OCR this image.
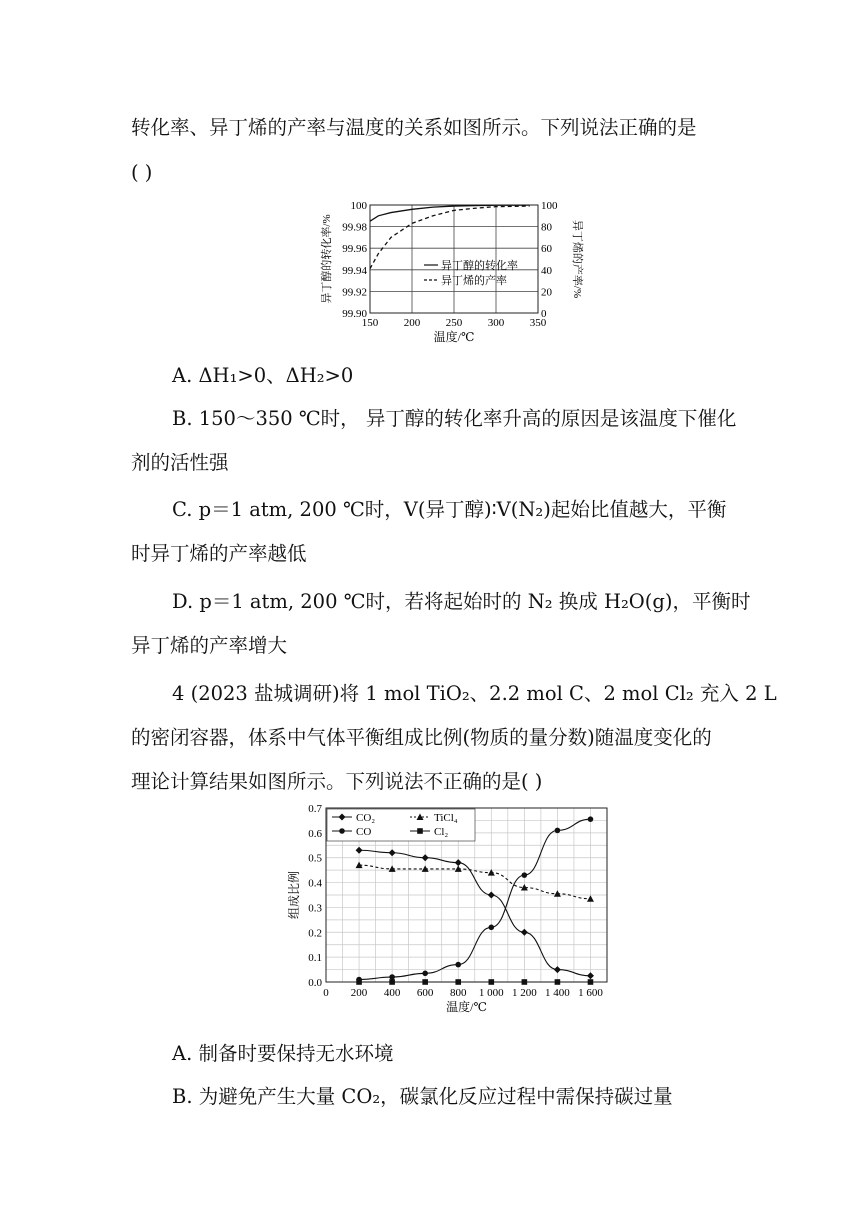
转化率、异丁烯的产率与温度的关系如图所示。下列说法正确的是
( )
150 200 250 300 350
99.90
99.92
99.94
99.96
99.98
100
0
20
40
60
80
100
异丁醇的转化率
异丁烯的产率
温度/℃
异丁醇的转化率/%	异丁烯的产率/%
A. ΔH₁>0、ΔH₂>0
B. 150～350 ℃时， 异丁醇的转化率升高的原因是该温度下催化
剂的活性强
C. p＝1 atm, 200 ℃时，V(异丁醇)∶V(N₂)起始比值越大，平衡
时异丁烯的产率越低
D. p＝1 atm, 200 ℃时，若将起始时的 N₂ 换成 H₂O(g)，平衡时
异丁烯的产率增大
4 (2023 盐城调研)将 1 mol TiO₂、2.2 mol C、2 mol Cl₂ 充入 2 L
的密闭容器，体系中气体平衡组成比例(物质的量分数)随温度变化的
理论计算结果如图所示。下列说法不正确的是( )
0 200 400 600 800 1 000 1 200 1 400 1 600
0.0
0.1
0.2
0.3
0.4
0.5
0.6
0.7
CO₂	TiCl₄
CO	Cl₂
温度/℃
组成比例
A. 制备时要保持无水环境
B. 为避免产生大量 CO₂，碳氯化反应过程中需保持碳过量
